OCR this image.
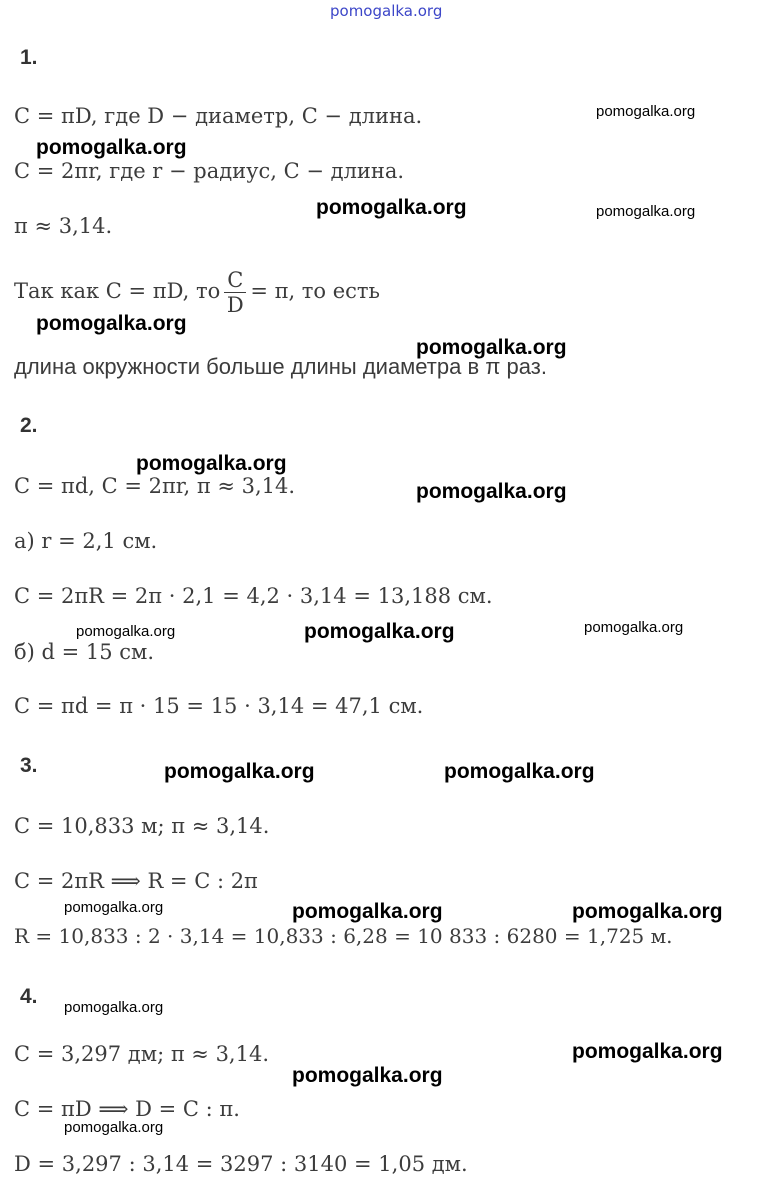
pomogalka.org
1.
C = πD, где D − диаметр, C − длина.
C = 2πr, где r − радиус, C − длина.
π ≈ 3,14.
Так как C = πD, то $\frac{C}{D} = \pi$, то есть
длина окружности больше длины диаметра в π раз.
2.
C = πd, C = 2πr, π ≈ 3,14.
а) r = 2,1 см.
C = 2πR = 2π · 2,1 = 4,2 · 3,14 = 13,188 см.
б) d = 15 см.
C = πd = π · 15 = 15 · 3,14 = 47,1 см.
3.
C = 10,833 м; π ≈ 3,14.
C = 2πR ⟹ R = C : 2π
R = 10,833 : 2 · 3,14 = 10,833 : 6,28 = 10 833 : 6280 = 1,725 м.
4.
C = 3,297 дм; π ≈ 3,14.
C = πD ⟹ D = C : π.
D = 3,297 : 3,14 = 3297 : 3140 = 1,05 дм.
pomogalka.org
pomogalka.org
pomogalka.org	pomogalka.org
pomogalka.org
pomogalka.org
pomogalka.org
pomogalka.org
pomogalka.org	pomogalka.org	pomogalka.org
pomogalka.org	pomogalka.org
pomogalka.org	pomogalka.org	pomogalka.org
pomogalka.org
pomogalka.org
pomogalka.org
pomogalka.org
